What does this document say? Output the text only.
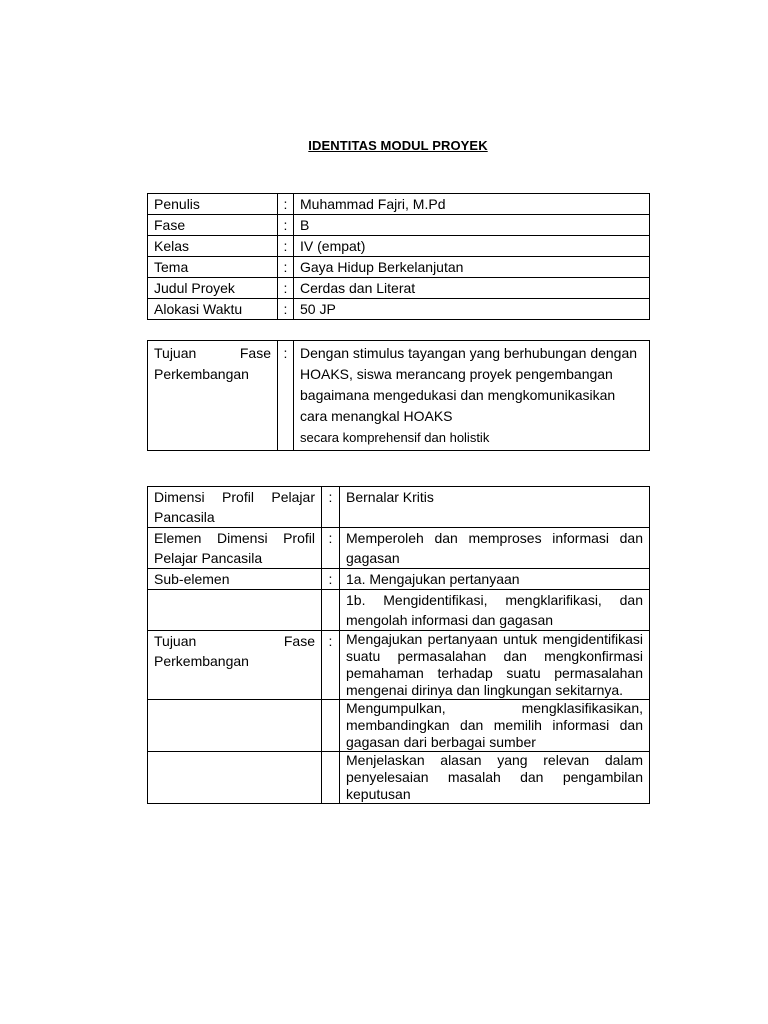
IDENTITAS MODUL PROYEK
Penulis	:	Muhammad Fajri, M.Pd
Fase	:	B
Kelas	:	IV (empat)
Tema	:	Gaya Hidup Berkelanjutan
Judul Proyek	:	Cerdas dan Literat
Alokasi Waktu	:	50 JP
Tujuan Fase Perkembangan	:	Dengan stimulus tayangan yang berhubungan dengan HOAKS, siswa merancang proyek pengembangan bagaimana mengedukasi dan mengkomunikasikan cara menangkal HOAKS
secara komprehensif dan holistik
Dimensi Profil Pelajar Pancasila	:	Bernalar Kritis
Elemen Dimensi Profil Pelajar Pancasila	:	Memperoleh dan memproses informasi dan gagasan
Sub-elemen	:	1a. Mengajukan pertanyaan
		1b. Mengidentifikasi, mengklarifikasi, dan mengolah informasi dan gagasan
Tujuan Fase Perkembangan	:	Mengajukan pertanyaan untuk mengidentifikasi suatu permasalahan dan mengkonfirmasi pemahaman terhadap suatu permasalahan mengenai dirinya dan lingkungan sekitarnya.
		Mengumpulkan, mengklasifikasikan, membandingkan dan memilih informasi dan gagasan dari berbagai sumber
		Menjelaskan alasan yang relevan dalam penyelesaian masalah dan pengambilan keputusan
